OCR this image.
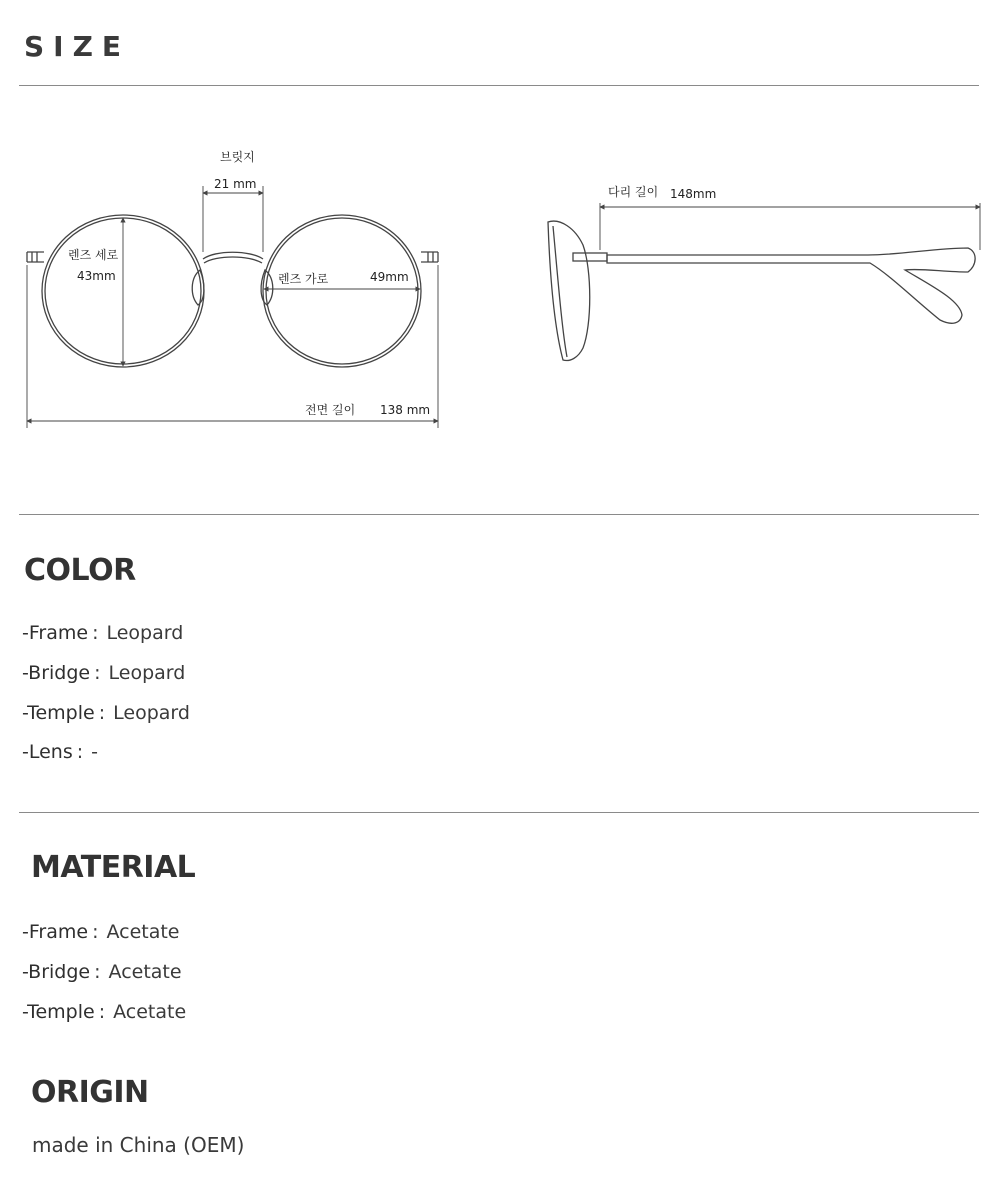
SIZE
브릿지
21 mm
렌즈 세로
43mm	렌즈 가로	49mm
전면 길이 138 mm
다리 길이 148mm
COLOR
-Frame : Leopard
-Bridge : Leopard
-Temple : Leopard
-Lens : -
MATERIAL
-Frame : Acetate
-Bridge : Acetate
-Temple : Acetate
ORIGIN
made in China (OEM)
